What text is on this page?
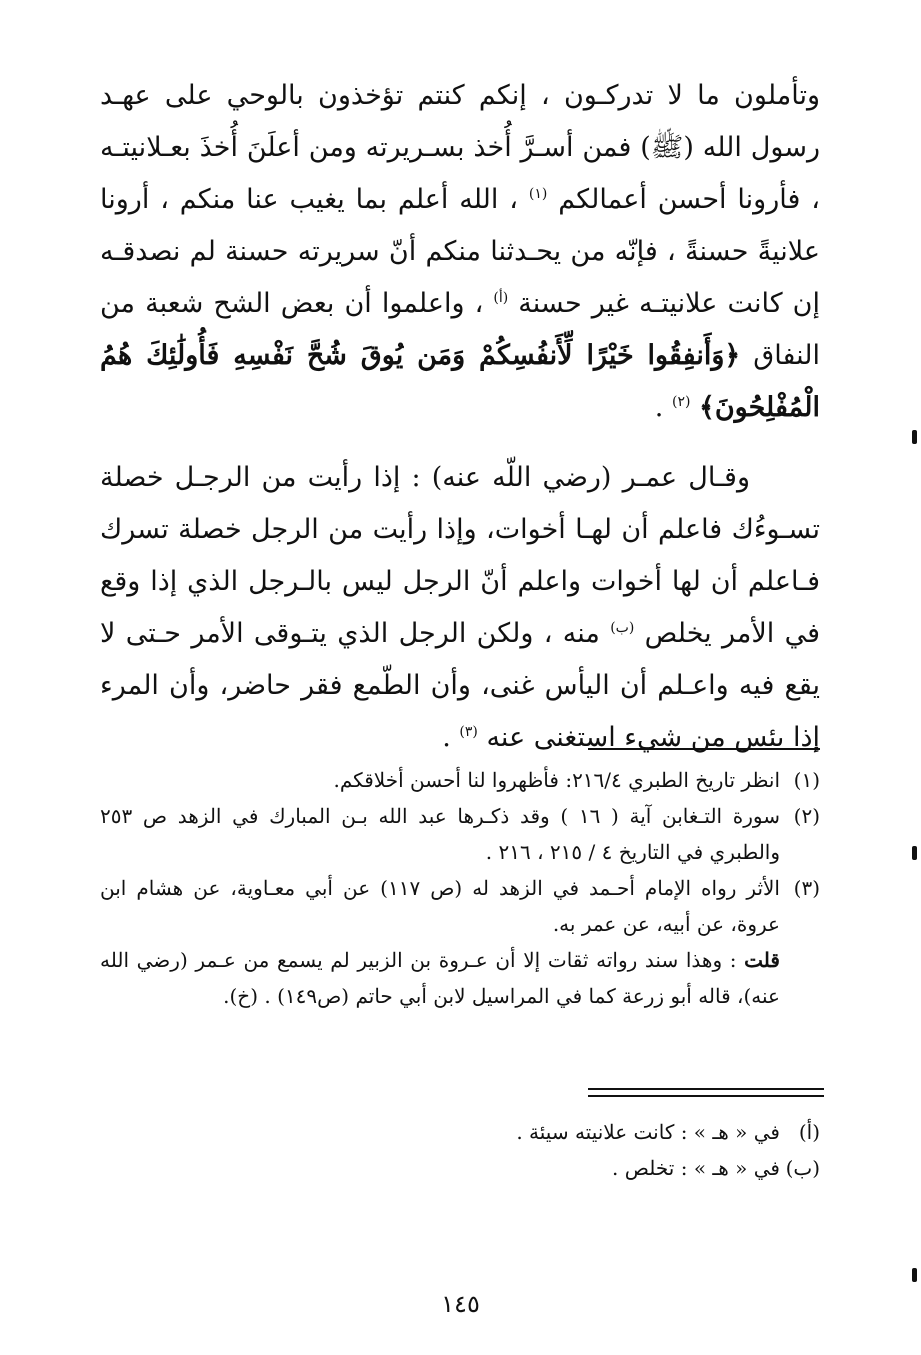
وتأملون ما لا تدركـون ، إنكم كنتم تؤخذون بالوحي على عهـد رسول الله (ﷺ) فمن أسـرَّ أُخذ بسـريرته ومن أعلَنَ أُخذَ بعـلانيتـه ، فأرونا أحسن أعمالكم $^{(١)}$ ، الله أعلم بما يغيب عنا منكم ، أرونا علانيةً حسنةً ، فإنّه من يحـدثنا منكم أنّ سريرته حسنة لم نصدقـه إن كانت علانيتـه غير حسنة $^{(أ)}$ ، واعلموا أن بعض الشح شعبة من النفاق ﴿وَأَنفِقُوا خَيْرًا لِّأَنفُسِكُمْ وَمَن يُوقَ شُحَّ نَفْسِهِ فَأُولَٰئِكَ هُمُ الْمُفْلِحُونَ﴾ $^{(٢)}$ .

وقـال عمـر (رضي اللّه عنه) : إذا رأيت من الرجـل خصلة تسـوءُك فاعلم أن لهـا أخوات، وإذا رأيت من الرجل خصلة تسرك فـاعلم أن لها أخوات واعلم أنّ الرجل ليس بالـرجل الذي إذا وقع في الأمر يخلص $^{(ب)}$ منه ، ولكن الرجل الذي يتـوقى الأمر حـتى لا يقع فيه واعـلم أن اليأس غنى، وأن الطّمع فقر حاضر، وأن المرء إذا يئس من شيء استغنى عنه $^{(٣)}$ .

(١)
انظر تاريخ الطبري ٢١٦/٤: فأظهروا لنا أحسن أخلاقكم.
(٢)
سورة التـغابن آية ( ١٦ ) وقد ذكـرها عبد الله بـن المبارك في الزهد ص ٢٥٣ والطبري في التاريخ ٤ / ٢١٥ ، ٢١٦ .
(٣)
الأثر رواه الإمام أحـمد في الزهد له (ص ١١٧) عن أبي معـاوية، عن هشام ابن عروة، عن أبيه، عن عمر به.
قلت : وهذا سند رواته ثقات إلا أن عـروة بن الزبير لم يسمع من عـمر (رضي الله عنه)، قاله أبو زرعة كما في المراسيل لابن أبي حاتم (ص١٤٩) . (خ).
(أ)
في « هـ » : كانت علانيته سيئة .
(ب)
في « هـ » : تخلص .
١٤٥
